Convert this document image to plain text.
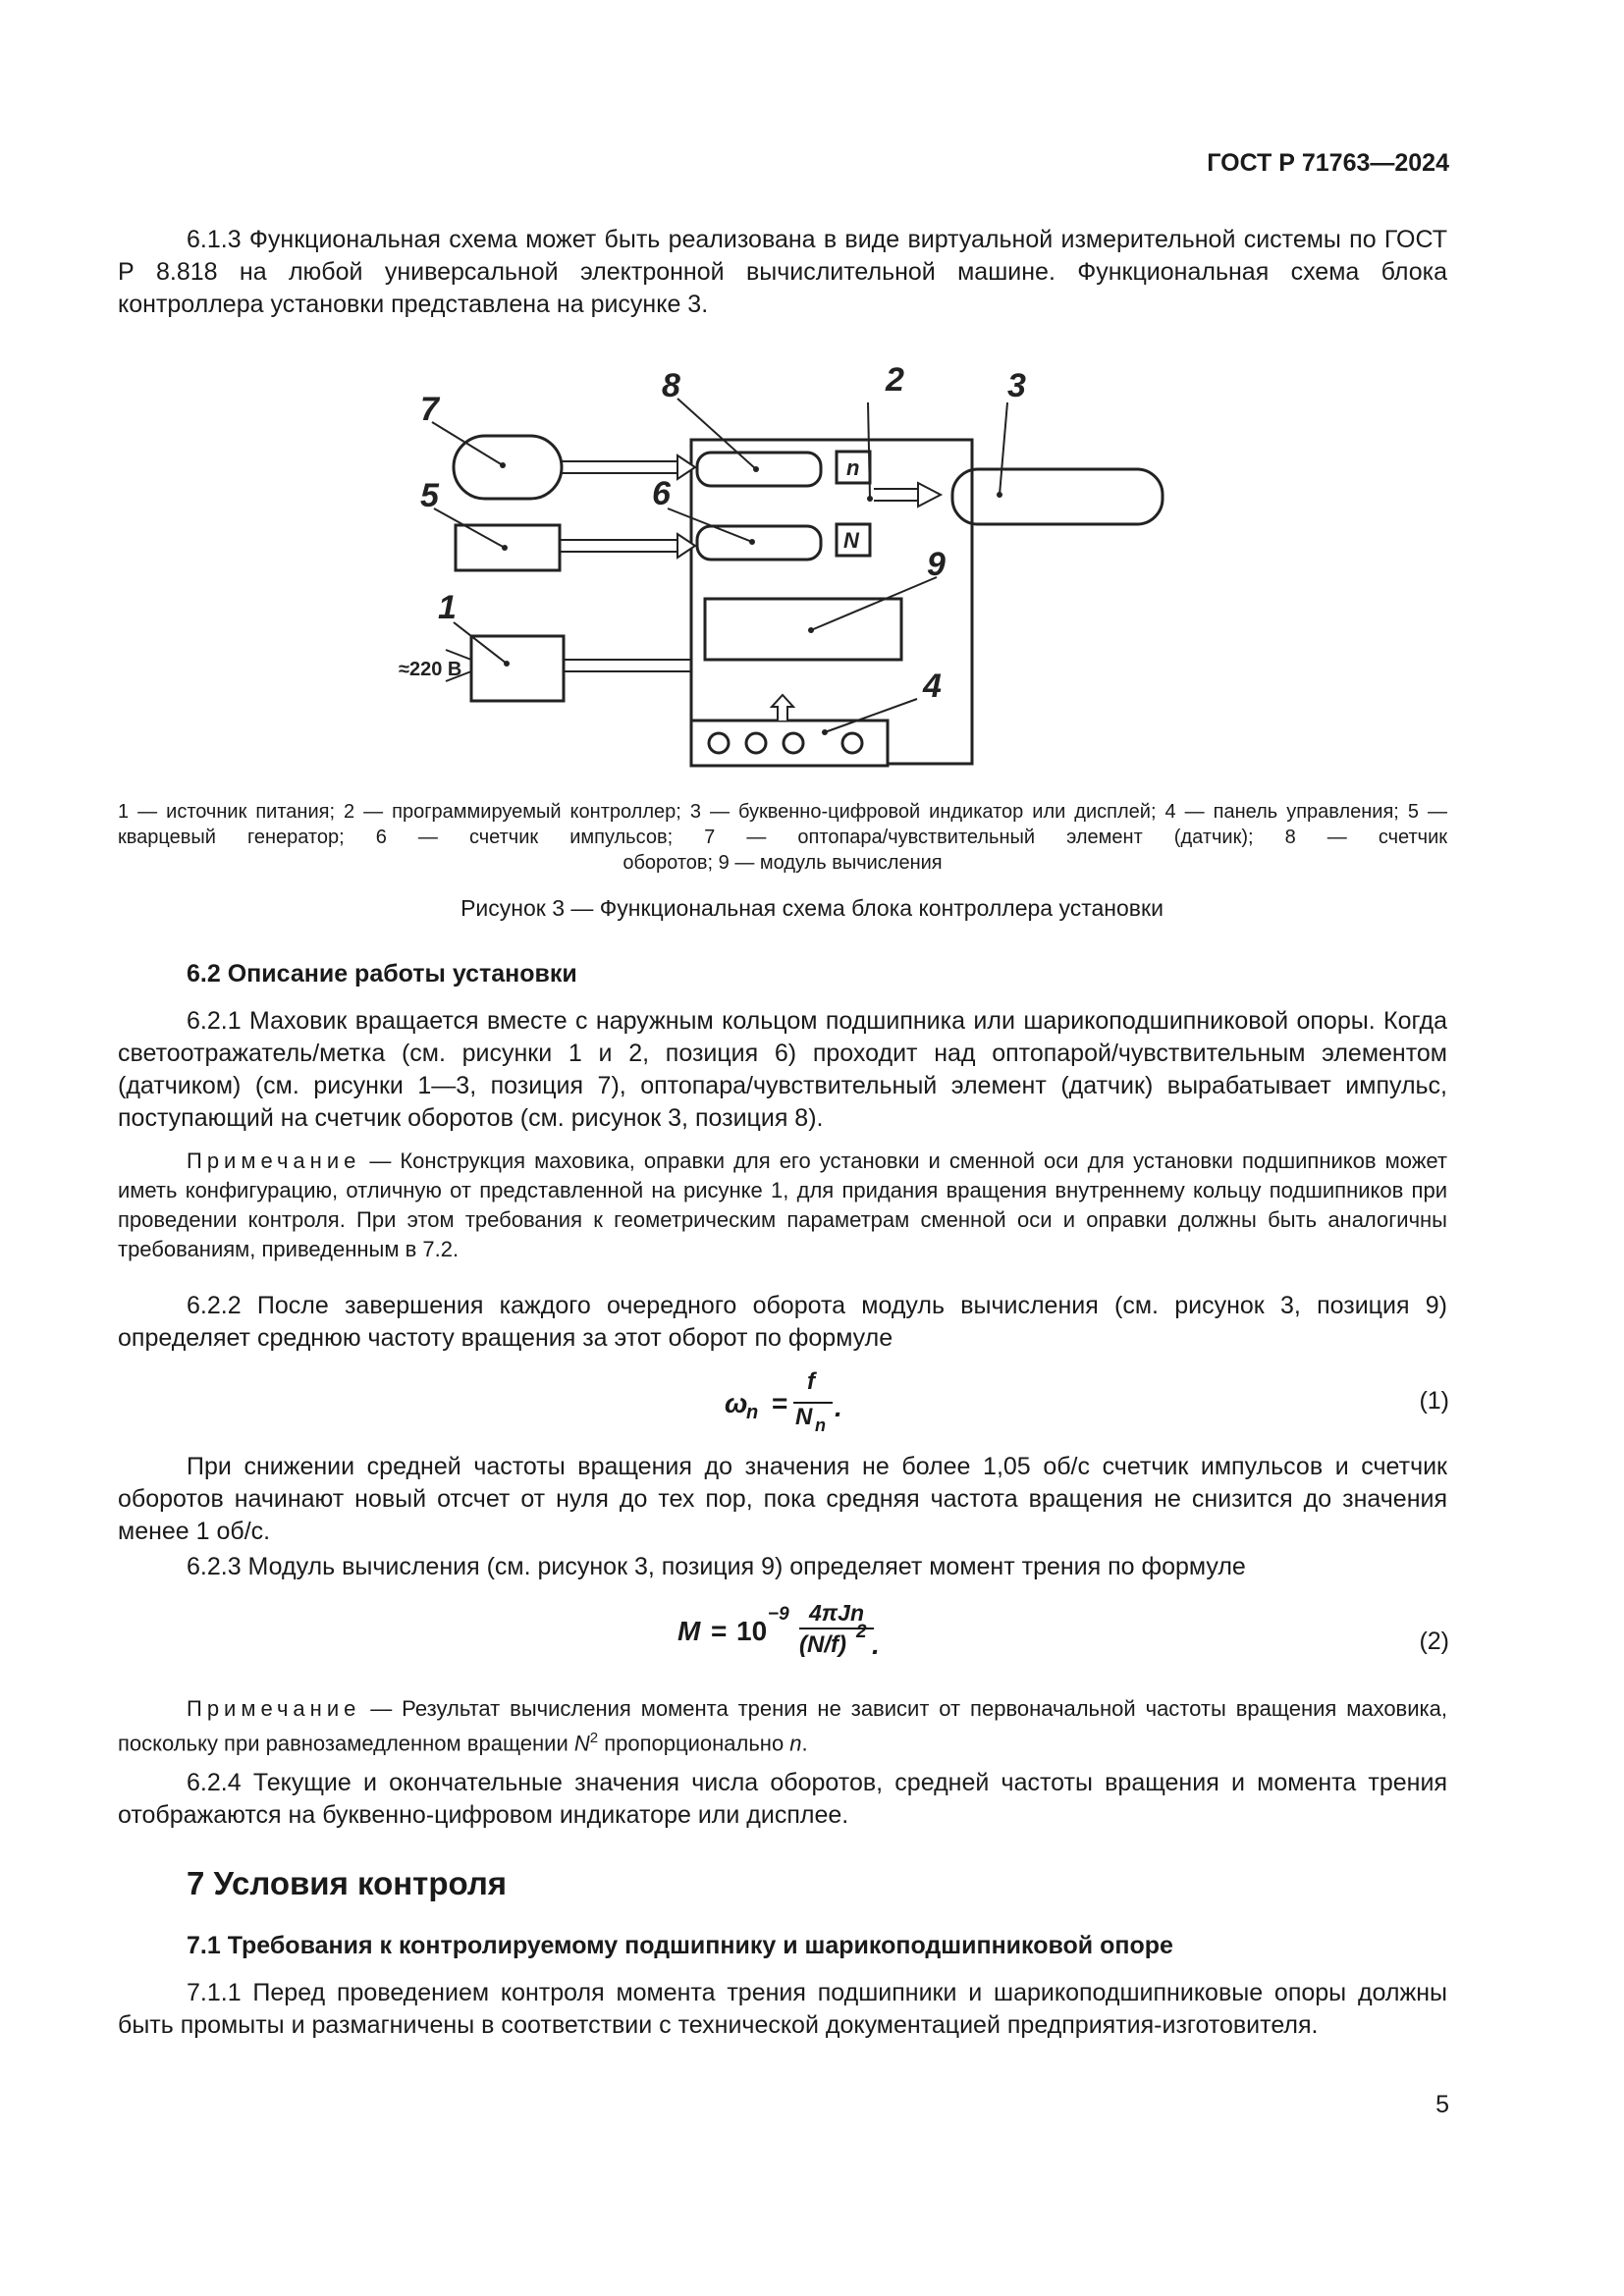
ГОСТ Р 71763—2024
6.1.3 Функциональная схема может быть реализована в виде виртуальной измерительной системы по ГОСТ Р 8.818 на любой универсальной электронной вычислительной машине. Функциональная схема блока контроллера установки представлена на рисунке 3.
7
5
1
8
6
2	3
9
4
n
N
≈220 В
1 — источник питания; 2 — программируемый контроллер; 3 — буквенно-цифровой индикатор или дисплей; 4 — панель управления; 5 — кварцевый генератор; 6 — счетчик импульсов; 7 — оптопара/чувствительный элемент (датчик); 8 — счетчик
оборотов; 9 — модуль вычисления
Рисунок 3 — Функциональная схема блока контроллера установки
6.2 Описание работы установки
6.2.1 Маховик вращается вместе с наружным кольцом подшипника или шарикоподшипниковой опоры. Когда светоотражатель/метка (см. рисунки 1 и 2, позиция 6) проходит над оптопарой/чувствительным элементом (датчиком) (см. рисунки 1—3, позиция 7), оптопара/чувствительный элемент (датчик) вырабатывает импульс, поступающий на счетчик оборотов (см. рисунок 3, позиция 8).
Примечание — Конструкция маховика, оправки для его установки и сменной оси для установки подшипников может иметь конфигурацию, отличную от представленной на рисунке 1, для придания вращения внутреннему кольцу подшипников при проведении контроля. При этом требования к геометрическим параметрам сменной оси и оправки должны быть аналогичны требованиям, приведенным в 7.2.
6.2.2 После завершения каждого очередного оборота модуль вычисления (см. рисунок 3, позиция 9) определяет среднюю частоту вращения за этот оборот по формуле
ω
n =
f
N n
.	(1)
При снижении средней частоты вращения до значения не более 1,05 об/с счетчик импульсов и счетчик оборотов начинают новый отсчет от нуля до тех пор, пока средняя частота вращения не снизится до значения менее 1 об/с.
6.2.3 Модуль вычисления (см. рисунок 3, позиция 9) определяет момент трения по формуле
M = 10
−9 4πJn
(N/f) 2 .	(2)
Примечание — Результат вычисления момента трения не зависит от первоначальной частоты вращения маховика, поскольку при равнозамедленном вращении $N^2$ пропорционально n.
6.2.4 Текущие и окончательные значения числа оборотов, средней частоты вращения и момента трения отображаются на буквенно-цифровом индикаторе или дисплее.
7 Условия контроля
7.1 Требования к контролируемому подшипнику и шарикоподшипниковой опоре
7.1.1 Перед проведением контроля момента трения подшипники и шарикоподшипниковые опоры должны быть промыты и размагничены в соответствии с технической документацией предприятия-изготовителя.
5
